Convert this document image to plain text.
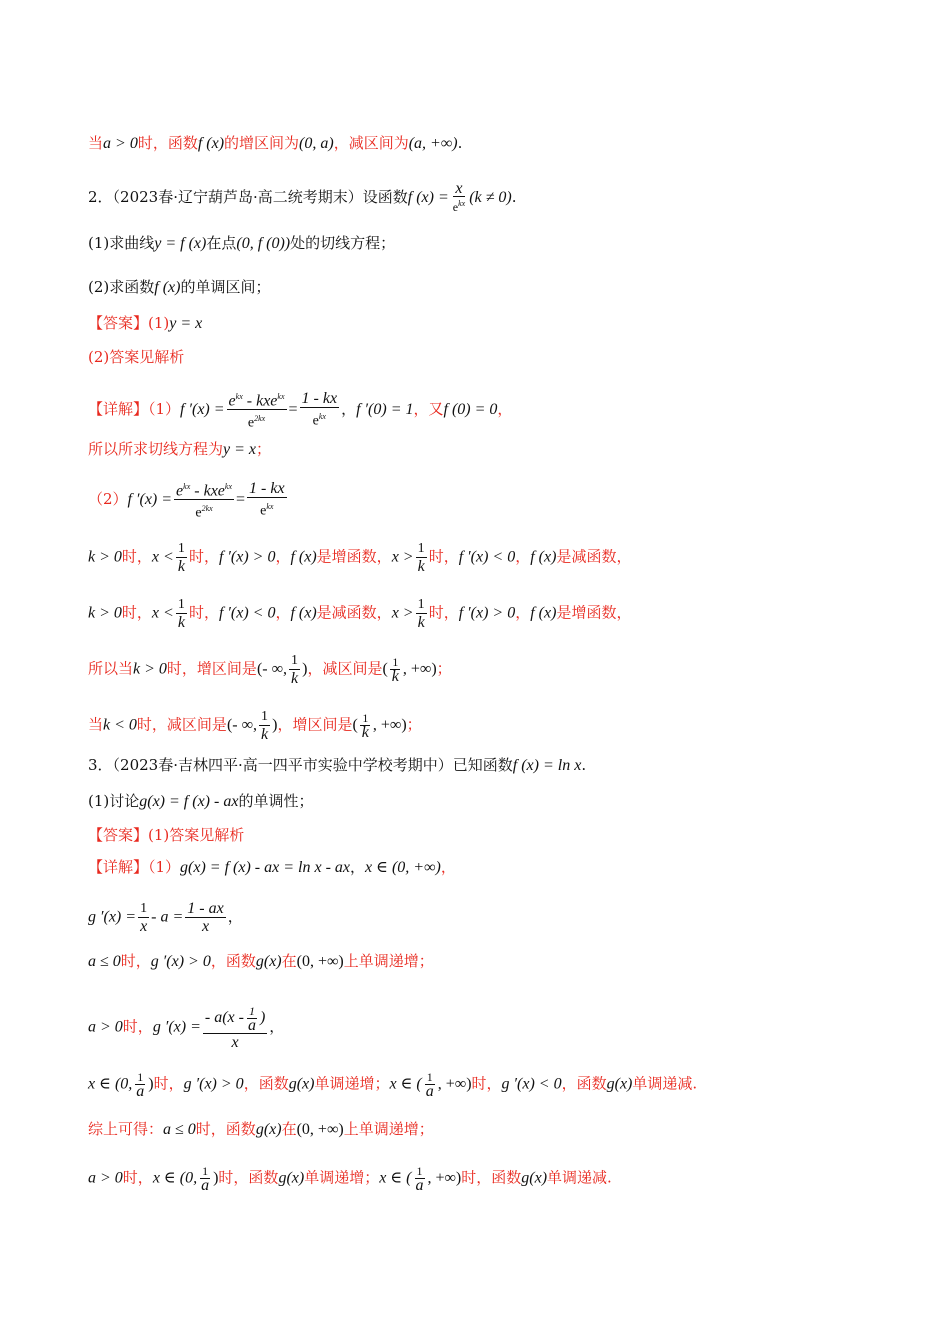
当a > 0时，函数f (x)的增区间为(0, a)，减区间为(a, +∞).
2．（2023春·辽宁葫芦岛·高二统考期末）设函数f $(x) = \frac{x}{e^{kx}} (k \ne 0)$.
(1)求曲线y = f (x)在点(0, f (0))处的切线方程；
(2)求函数f (x)的单调区间；
【答案】(1)y = x
(2)答案见解析
【详解】（1）f $'(x) = \frac{e^{kx} - kxe^{kx}}{e^{2kx}} = \frac{1 - kx}{e^{kx}}$ ，f ′(0) = 1，又f (0) = 0，
所以所求切线方程为y = x；
（2）f $'(x) = \frac{e^{kx} - kxe^{kx}}{e^{2kx}} = \frac{1 - kx}{e^{kx}}$
k > 0时，$x < \frac{1}{k}$ 时，f ′(x) > 0，f (x)是增函数，$x > \frac{1}{k}$ 时，f ′(x) < 0，f (x)是减函数，
k > 0时，$x < \frac{1}{k}$ 时，f ′(x) < 0，f (x)是减函数，$x > \frac{1}{k}$ 时，f ′(x) > 0，f (x)是增函数，
所以当k > 0时，增区间是(- ∞, $\frac{1}{k}$ )，减区间是( $\frac{1}{k}$ , +∞)；
当k < 0时，减区间是(- ∞, $\frac{1}{k}$ )，增区间是( $\frac{1}{k}$ , +∞)；
3．（2023春·吉林四平·高一四平市实验中学校考期中）已知函数f (x) = ln x.
(1)讨论g(x) = f (x) - ax的单调性；
【答案】(1)答案见解析
【详解】（1）g(x) = f (x) - ax = ln x - ax，x ∈ (0, +∞)，
g $'(x) = \frac{1}{x} - a = \frac{1 - ax}{x}$ ，
a ≤ 0时，g ′(x) > 0，函数g(x)在(0, +∞)上单调递增；
a > 0时，g $'(x) = \frac{- a(x - \frac{1}{a} )}{x}$ ，
x ∈ (0, $\frac{1}{a}$ )时，g ′(x) > 0，函数g(x)单调递增；x ∈ ( $\frac{1}{a}$ , +∞)时，g ′(x) < 0，函数g(x)单调递减.
综上可得：a ≤ 0时，函数g(x)在(0, +∞)上单调递增；
a > 0时，x ∈ (0, $\frac{1}{a}$ )时，函数g(x)单调递增；x ∈ ( $\frac{1}{a}$ , +∞)时，函数g(x)单调递减.
